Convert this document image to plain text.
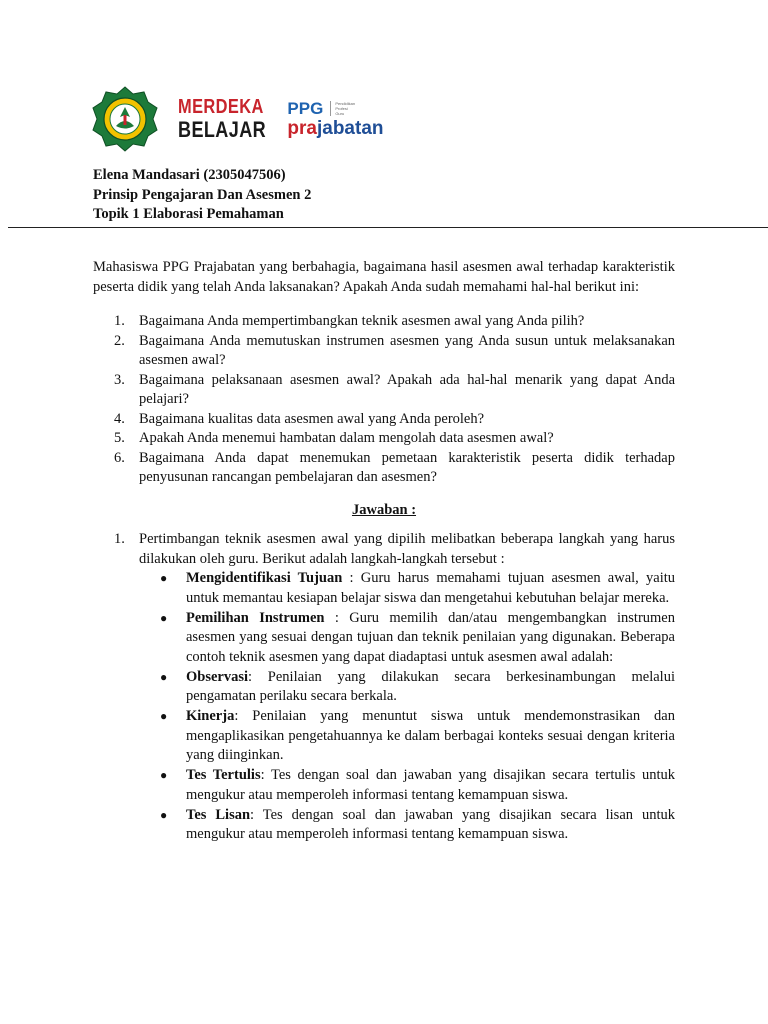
MERDEKA
BELAJAR
PPG	Pendidikan
Profesi
Guru
prajabatan
Elena Mandasari (2305047506)
Prinsip Pengajaran Dan Asesmen 2
Topik 1 Elaborasi Pemahaman

Mahasiswa PPG Prajabatan yang berbahagia, bagaimana hasil asesmen awal terhadap karakteristik peserta didik yang telah Anda laksanakan? Apakah Anda sudah memahami hal-hal berikut ini:

1. Bagaimana Anda mempertimbangkan teknik asesmen awal yang Anda pilih?
2. Bagaimana Anda memutuskan instrumen asesmen yang Anda susun untuk melaksanakan asesmen awal?
3. Bagaimana pelaksanaan asesmen awal? Apakah ada hal-hal menarik yang dapat Anda pelajari?
4. Bagaimana kualitas data asesmen awal yang Anda peroleh?
5. Apakah Anda menemui hambatan dalam mengolah data asesmen awal?
6. Bagaimana Anda dapat menemukan pemetaan karakteristik peserta didik terhadap penyusunan rancangan pembelajaran dan asesmen?
Jawaban :
1. Pertimbangan teknik asesmen awal yang dipilih melibatkan beberapa langkah yang harus dilakukan oleh guru. Berikut adalah langkah-langkah tersebut :
● Mengidentifikasi Tujuan : Guru harus memahami tujuan asesmen awal, yaitu untuk memantau kesiapan belajar siswa dan mengetahui kebutuhan belajar mereka.
● Pemilihan Instrumen : Guru memilih dan/atau mengembangkan instrumen asesmen yang sesuai dengan tujuan dan teknik penilaian yang digunakan. Beberapa contoh teknik asesmen yang dapat diadaptasi untuk asesmen awal adalah:
● Observasi: Penilaian yang dilakukan secara berkesinambungan melalui pengamatan perilaku secara berkala.
● Kinerja: Penilaian yang menuntut siswa untuk mendemonstrasikan dan mengaplikasikan pengetahuannya ke dalam berbagai konteks sesuai dengan kriteria yang diinginkan.
● Tes Tertulis: Tes dengan soal dan jawaban yang disajikan secara tertulis untuk mengukur atau memperoleh informasi tentang kemampuan siswa.
● Tes Lisan: Tes dengan soal dan jawaban yang disajikan secara lisan untuk mengukur atau memperoleh informasi tentang kemampuan siswa.
